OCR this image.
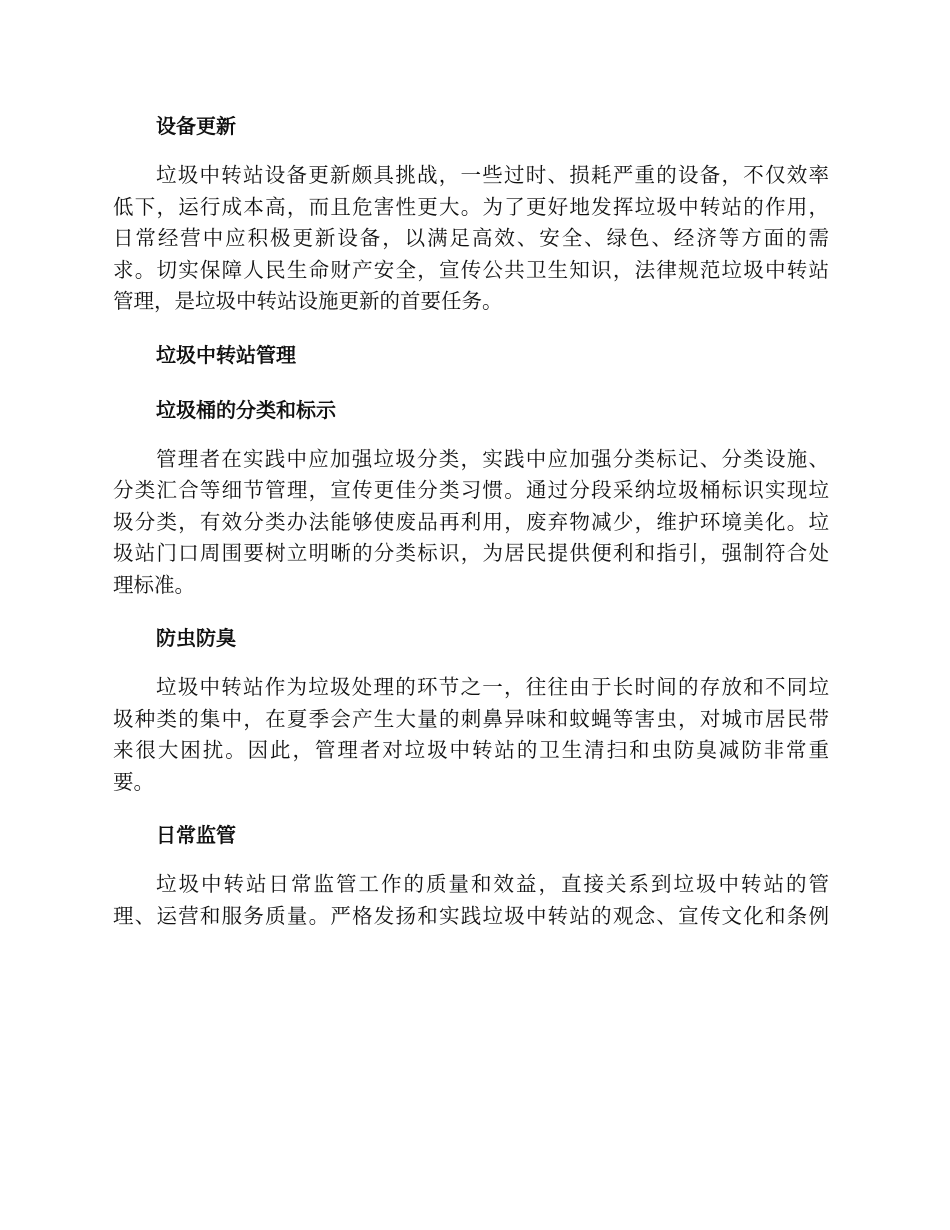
设备更新
垃圾中转站设备更新颇具挑战，一些过时、损耗严重的设备，不仅效率
低下，运行成本高，而且危害性更大。为了更好地发挥垃圾中转站的作用，
日常经营中应积极更新设备，以满足高效、安全、绿色、经济等方面的需
求。切实保障人民生命财产安全，宣传公共卫生知识，法律规范垃圾中转站
管理，是垃圾中转站设施更新的首要任务。
垃圾中转站管理
垃圾桶的分类和标示
管理者在实践中应加强垃圾分类，实践中应加强分类标记、分类设施、
分类汇合等细节管理，宣传更佳分类习惯。通过分段采纳垃圾桶标识实现垃
圾分类，有效分类办法能够使废品再利用，废弃物减少，维护环境美化。垃
圾站门口周围要树立明晰的分类标识，为居民提供便利和指引，强制符合处
理标准。
防虫防臭
垃圾中转站作为垃圾处理的环节之一，往往由于长时间的存放和不同垃
圾种类的集中，在夏季会产生大量的刺鼻异味和蚊蝇等害虫，对城市居民带
来很大困扰。因此，管理者对垃圾中转站的卫生清扫和虫防臭减防非常重
要。
日常监管
垃圾中转站日常监管工作的质量和效益，直接关系到垃圾中转站的管
理、运营和服务质量。严格发扬和实践垃圾中转站的观念、宣传文化和条例
